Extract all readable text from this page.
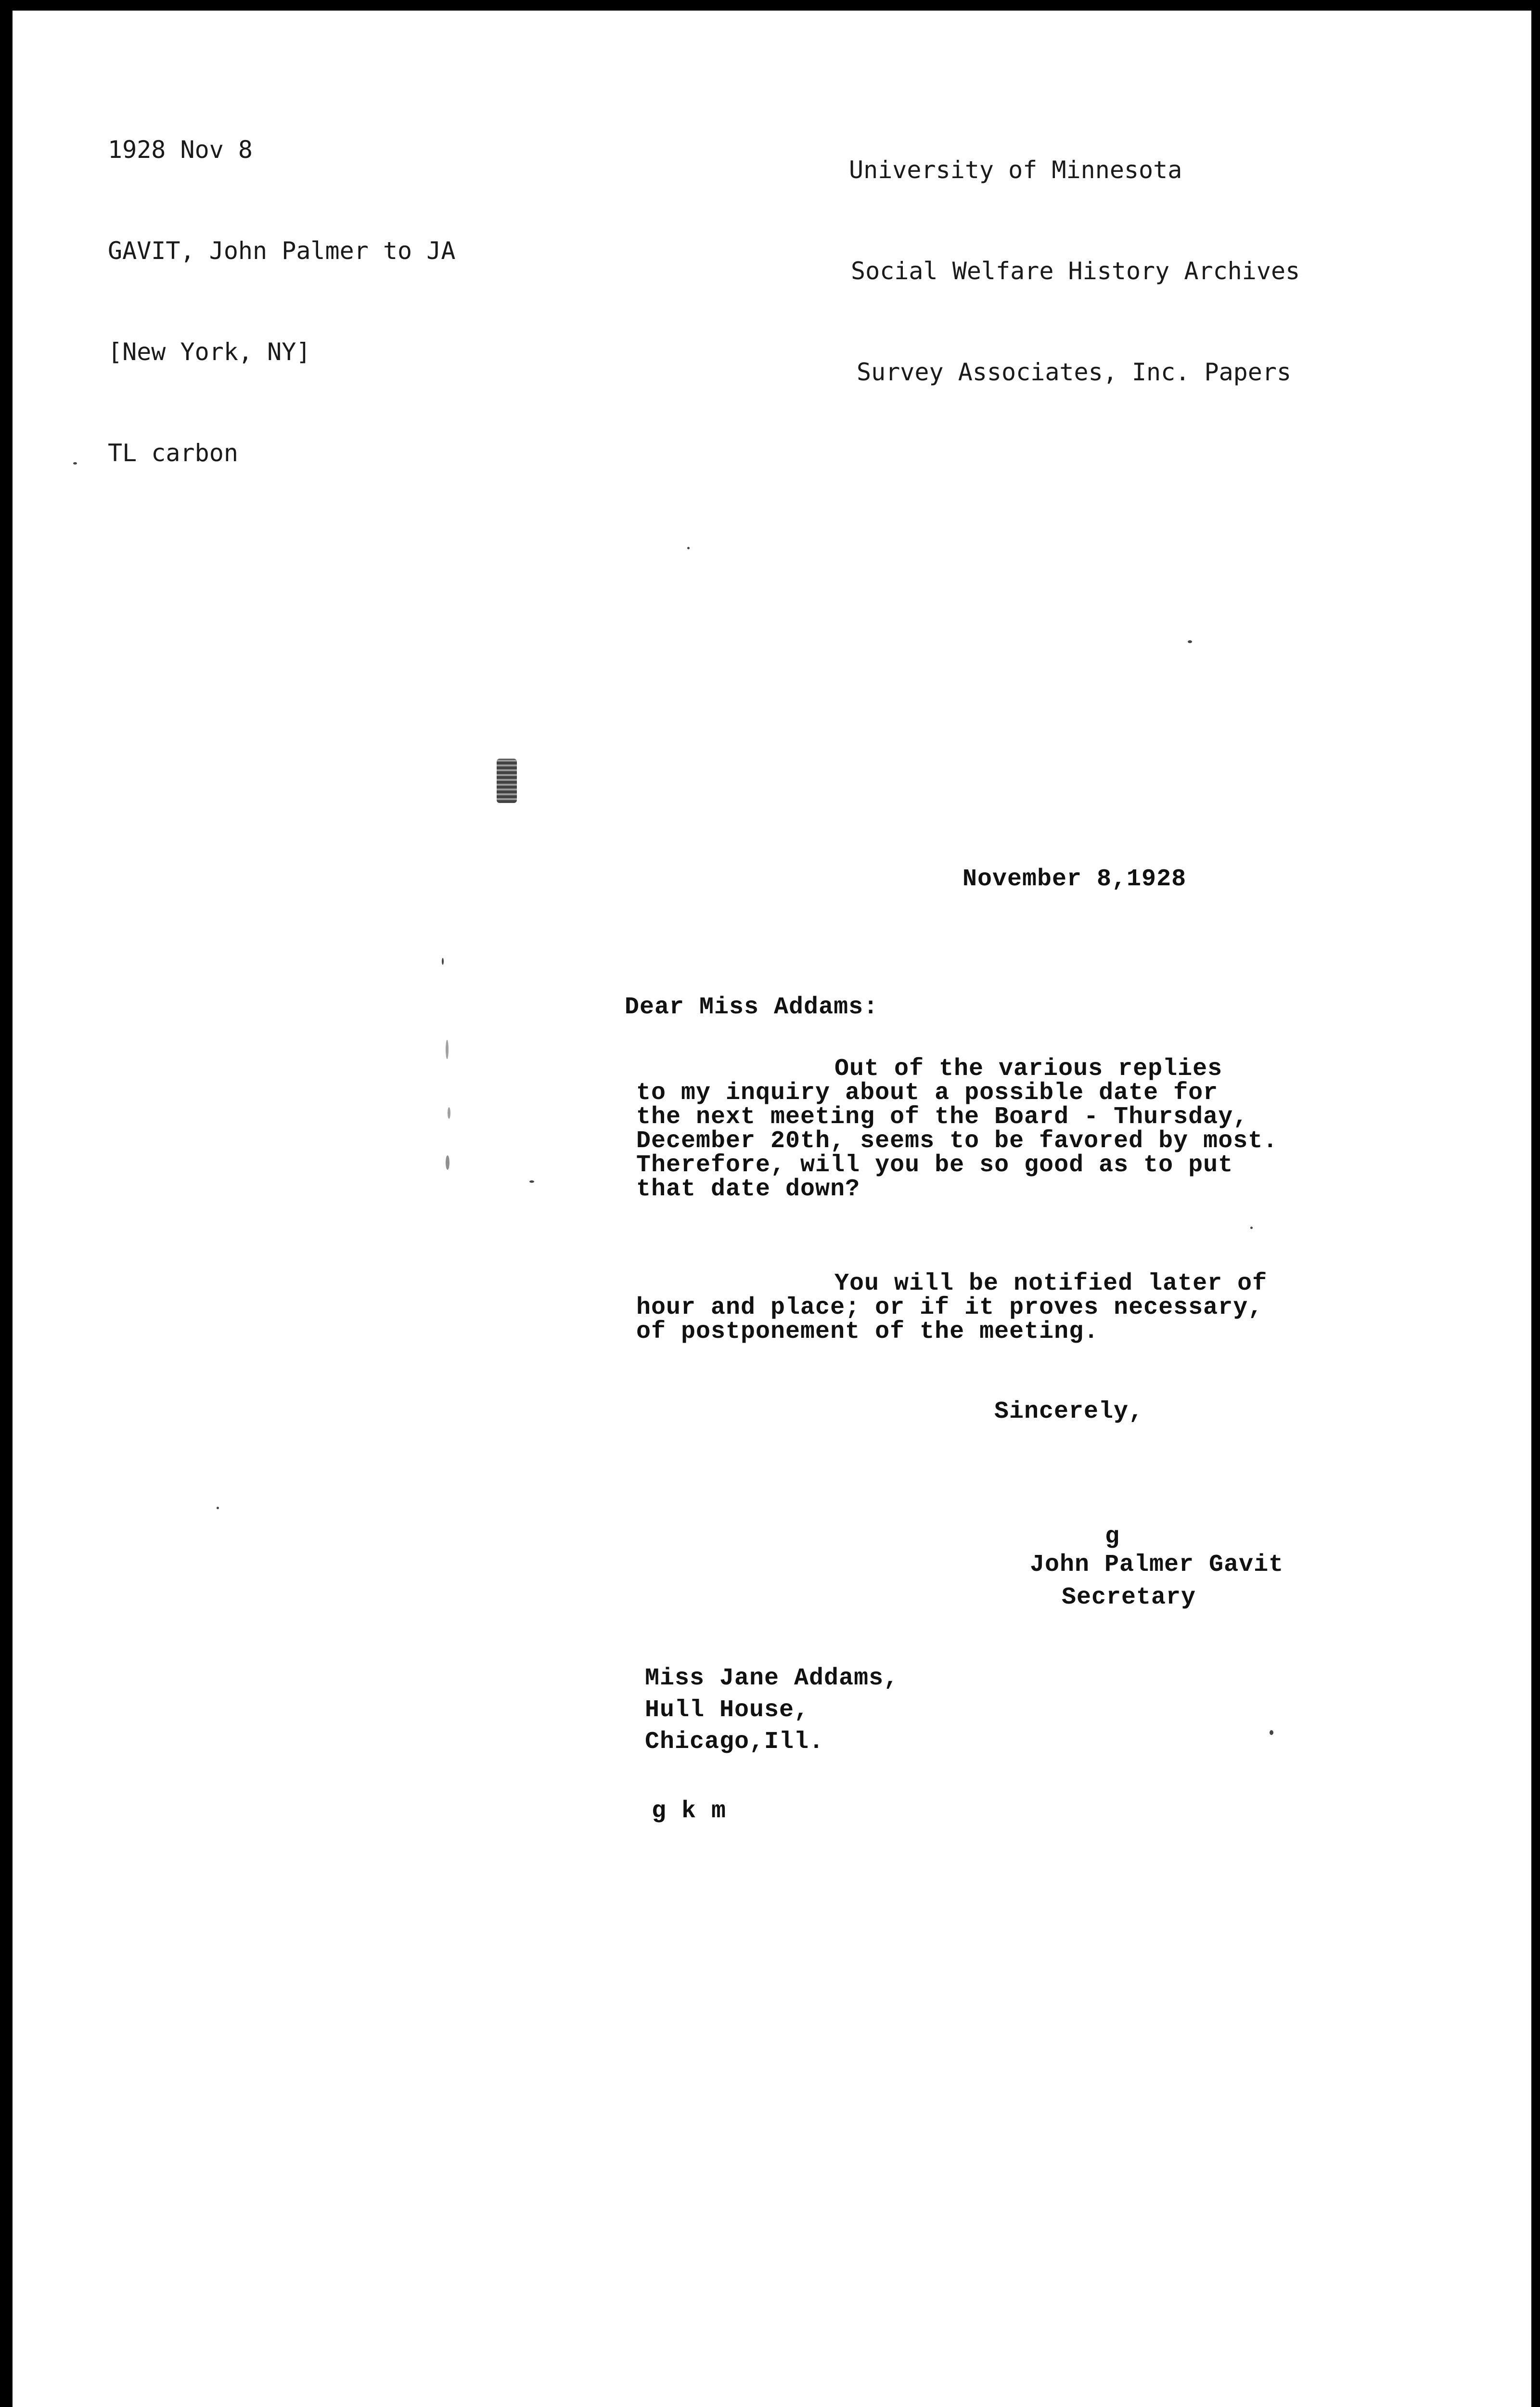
1928 Nov 8

GAVIT, John Palmer to JA

[New York, NY]

TL carbon

University of Minnesota

Social Welfare History Archives

Survey Associates, Inc. Papers

November 8,1928
Dear Miss Addams:
Out of the various replies
to my inquiry about a possible date for
the next meeting of the Board - Thursday,
December 20th, seems to be favored by most.
Therefore, will you be so good as to put
that date down?
You will be notified later of
hour and place; or if it proves necessary,
of postponement of the meeting.
Sincerely,
g
John Palmer Gavit
Secretary
Miss Jane Addams,
Hull House,
Chicago,Ill.
g k m
